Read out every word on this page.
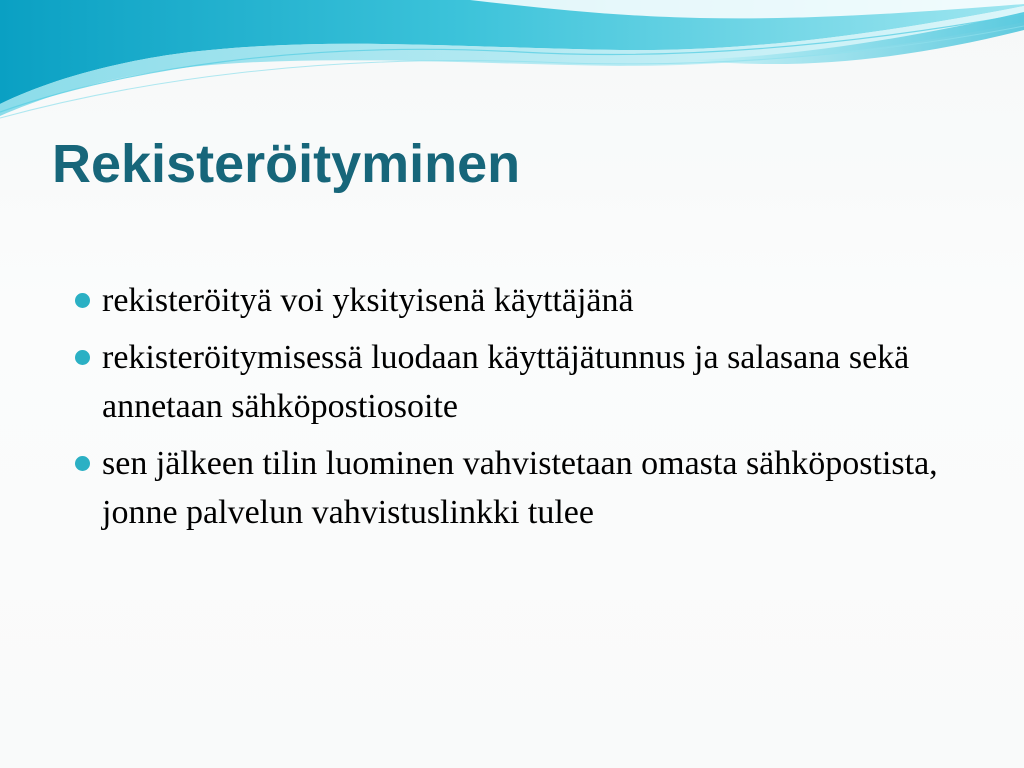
Rekisteröityminen
rekisteröityä voi yksityisenä käyttäjänä
rekisteröitymisessä luodaan käyttäjätunnus ja salasana sekä annetaan sähköpostiosoite
sen jälkeen tilin luominen vahvistetaan omasta sähköpostista, jonne palvelun vahvistuslinkki tulee
